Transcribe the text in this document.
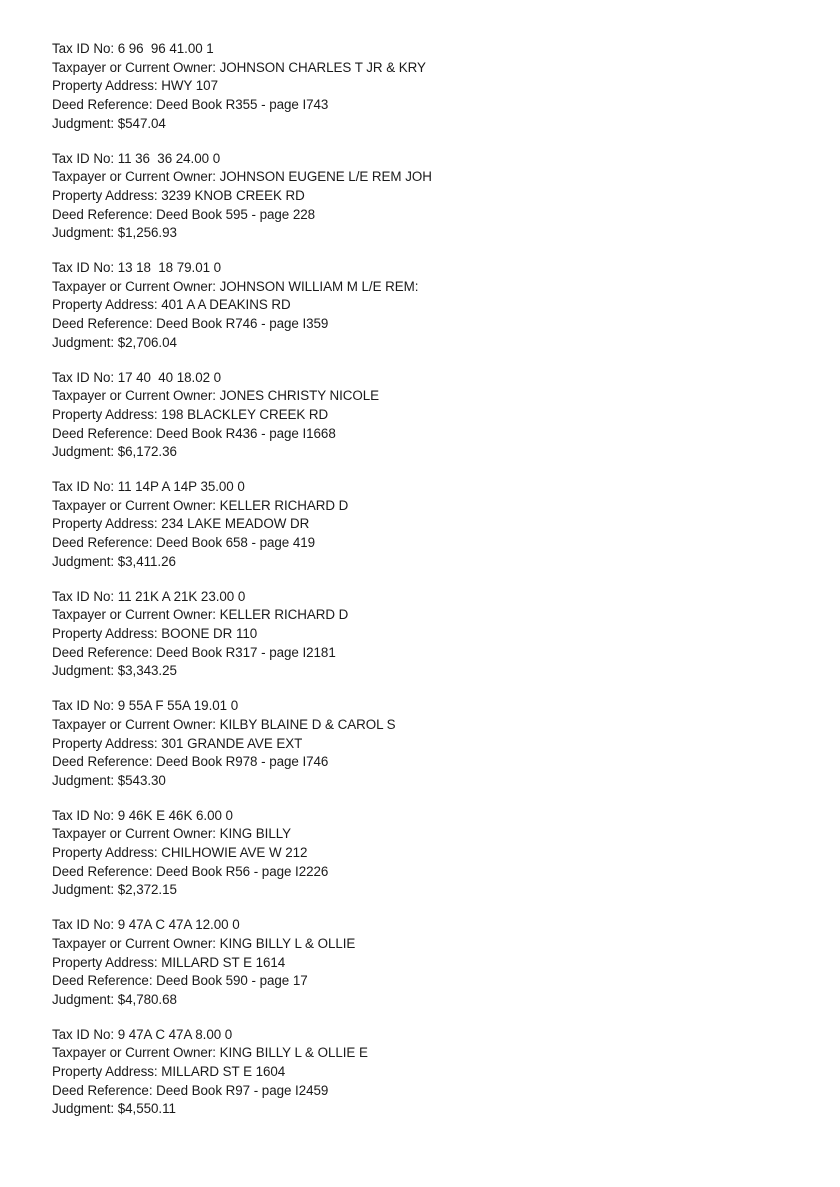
Tax ID No: 6 96  96 41.00 1
Taxpayer or Current Owner: JOHNSON CHARLES T JR & KRY
Property Address: HWY 107
Deed Reference: Deed Book R355 - page I743
Judgment: $547.04
Tax ID No: 11 36  36 24.00 0
Taxpayer or Current Owner: JOHNSON EUGENE L/E REM JOH
Property Address: 3239 KNOB CREEK RD
Deed Reference: Deed Book 595 - page 228
Judgment: $1,256.93
Tax ID No: 13 18  18 79.01 0
Taxpayer or Current Owner: JOHNSON WILLIAM M L/E REM:
Property Address: 401 A A DEAKINS RD
Deed Reference: Deed Book R746 - page I359
Judgment: $2,706.04
Tax ID No: 17 40  40 18.02 0
Taxpayer or Current Owner: JONES CHRISTY NICOLE
Property Address: 198 BLACKLEY CREEK RD
Deed Reference: Deed Book R436 - page I1668
Judgment: $6,172.36
Tax ID No: 11 14P A 14P 35.00 0
Taxpayer or Current Owner: KELLER RICHARD D
Property Address: 234 LAKE MEADOW DR
Deed Reference: Deed Book 658 - page 419
Judgment: $3,411.26
Tax ID No: 11 21K A 21K 23.00 0
Taxpayer or Current Owner: KELLER RICHARD D
Property Address: BOONE DR 110
Deed Reference: Deed Book R317 - page I2181
Judgment: $3,343.25
Tax ID No: 9 55A F 55A 19.01 0
Taxpayer or Current Owner: KILBY BLAINE D & CAROL S
Property Address: 301 GRANDE AVE EXT
Deed Reference: Deed Book R978 - page I746
Judgment: $543.30
Tax ID No: 9 46K E 46K 6.00 0
Taxpayer or Current Owner: KING BILLY
Property Address: CHILHOWIE AVE W 212
Deed Reference: Deed Book R56 - page I2226
Judgment: $2,372.15
Tax ID No: 9 47A C 47A 12.00 0
Taxpayer or Current Owner: KING BILLY L & OLLIE
Property Address: MILLARD ST E 1614
Deed Reference: Deed Book 590 - page 17
Judgment: $4,780.68
Tax ID No: 9 47A C 47A 8.00 0
Taxpayer or Current Owner: KING BILLY L & OLLIE E
Property Address: MILLARD ST E 1604
Deed Reference: Deed Book R97 - page I2459
Judgment: $4,550.11
